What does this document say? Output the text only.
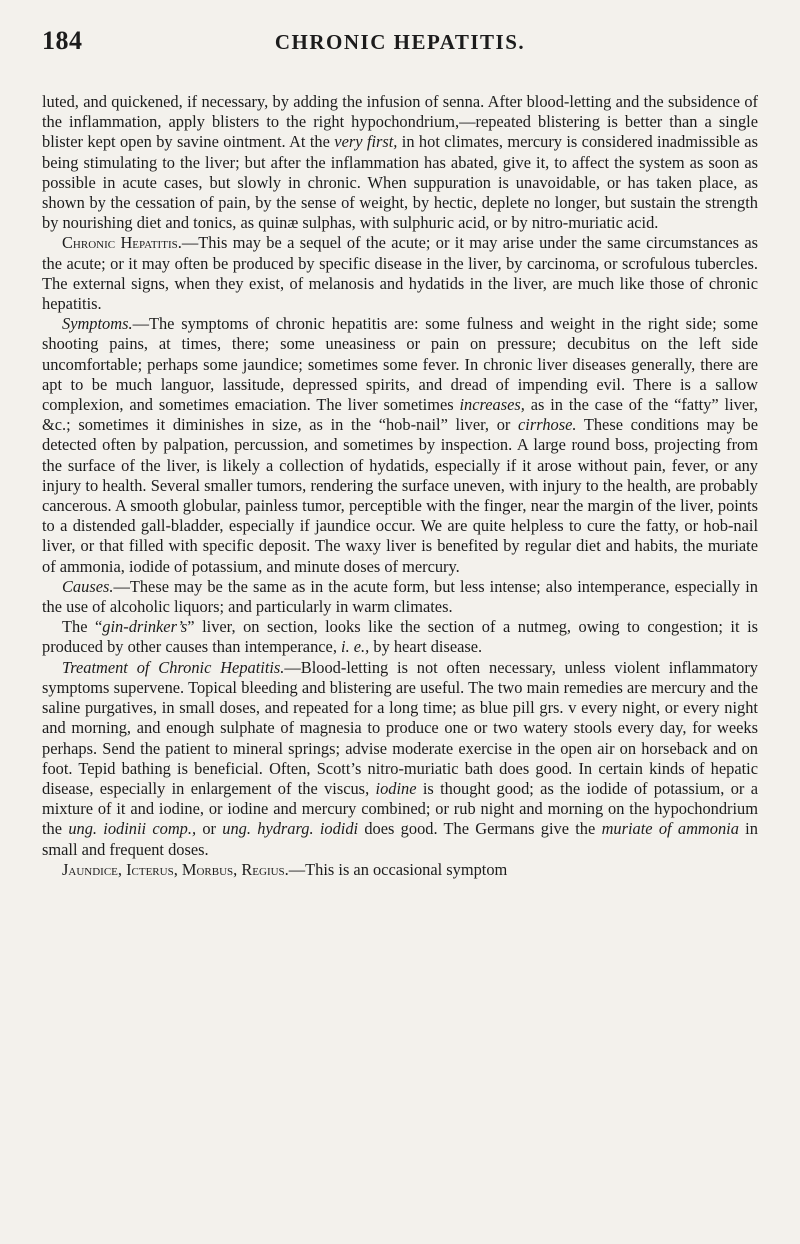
184	CHRONIC HEPATITIS.

luted, and quickened, if necessary, by adding the infusion of senna. After blood-letting and the subsidence of the inflammation, apply blisters to the right hypochondrium,—repeated blistering is better than a single blister kept open by savine ointment. At the very first, in hot climates, mercury is considered inadmissible as being stimulating to the liver; but after the inflammation has abated, give it, to affect the system as soon as possible in acute cases, but slowly in chronic. When suppuration is unavoidable, or has taken place, as shown by the cessation of pain, by the sense of weight, by hectic, deplete no longer, but sustain the strength by nourishing diet and tonics, as quinæ sulphas, with sulphuric acid, or by nitro-muriatic acid.

Chronic Hepatitis.—This may be a sequel of the acute; or it may arise under the same circumstances as the acute; or it may often be produced by specific disease in the liver, by carcinoma, or scrofulous tubercles. The external signs, when they exist, of melanosis and hydatids in the liver, are much like those of chronic hepatitis.

Symptoms.—The symptoms of chronic hepatitis are: some fulness and weight in the right side; some shooting pains, at times, there; some uneasiness or pain on pressure; decubitus on the left side uncomfortable; perhaps some jaundice; sometimes some fever. In chronic liver diseases generally, there are apt to be much languor, lassitude, depressed spirits, and dread of impending evil. There is a sallow complexion, and sometimes emaciation. The liver sometimes increases, as in the case of the “fatty” liver, &c.; sometimes it diminishes in size, as in the “hob-nail” liver, or cirrhose. These conditions may be detected often by palpation, percussion, and sometimes by inspection. A large round boss, projecting from the surface of the liver, is likely a collection of hydatids, especially if it arose without pain, fever, or any injury to health. Several smaller tumors, rendering the surface uneven, with injury to the health, are probably cancerous. A smooth globular, painless tumor, perceptible with the finger, near the margin of the liver, points to a distended gall-bladder, especially if jaundice occur. We are quite helpless to cure the fatty, or hob-nail liver, or that filled with specific deposit. The waxy liver is benefited by regular diet and habits, the muriate of ammonia, iodide of potassium, and minute doses of mercury.

Causes.—These may be the same as in the acute form, but less intense; also intemperance, especially in the use of alcoholic liquors; and particularly in warm climates.

The “gin-drinker’s” liver, on section, looks like the section of a nutmeg, owing to congestion; it is produced by other causes than intemperance, i. e., by heart disease.

Treatment of Chronic Hepatitis.—Blood-letting is not often necessary, unless violent inflammatory symptoms supervene. Topical bleeding and blistering are useful. The two main remedies are mercury and the saline purgatives, in small doses, and repeated for a long time; as blue pill grs. v every night, or every night and morning, and enough sulphate of magnesia to produce one or two watery stools every day, for weeks perhaps. Send the patient to mineral springs; advise moderate exercise in the open air on horseback and on foot. Tepid bathing is beneficial. Often, Scott’s nitro-muriatic bath does good. In certain kinds of hepatic disease, especially in enlargement of the viscus, iodine is thought good; as the iodide of potassium, or a mixture of it and iodine, or iodine and mercury combined; or rub night and morning on the hypochondrium the ung. iodinii comp., or ung. hydrarg. iodidi does good. The Germans give the muriate of ammonia in small and frequent doses.

Jaundice, Icterus, Morbus, Regius.—This is an occasional symptom
